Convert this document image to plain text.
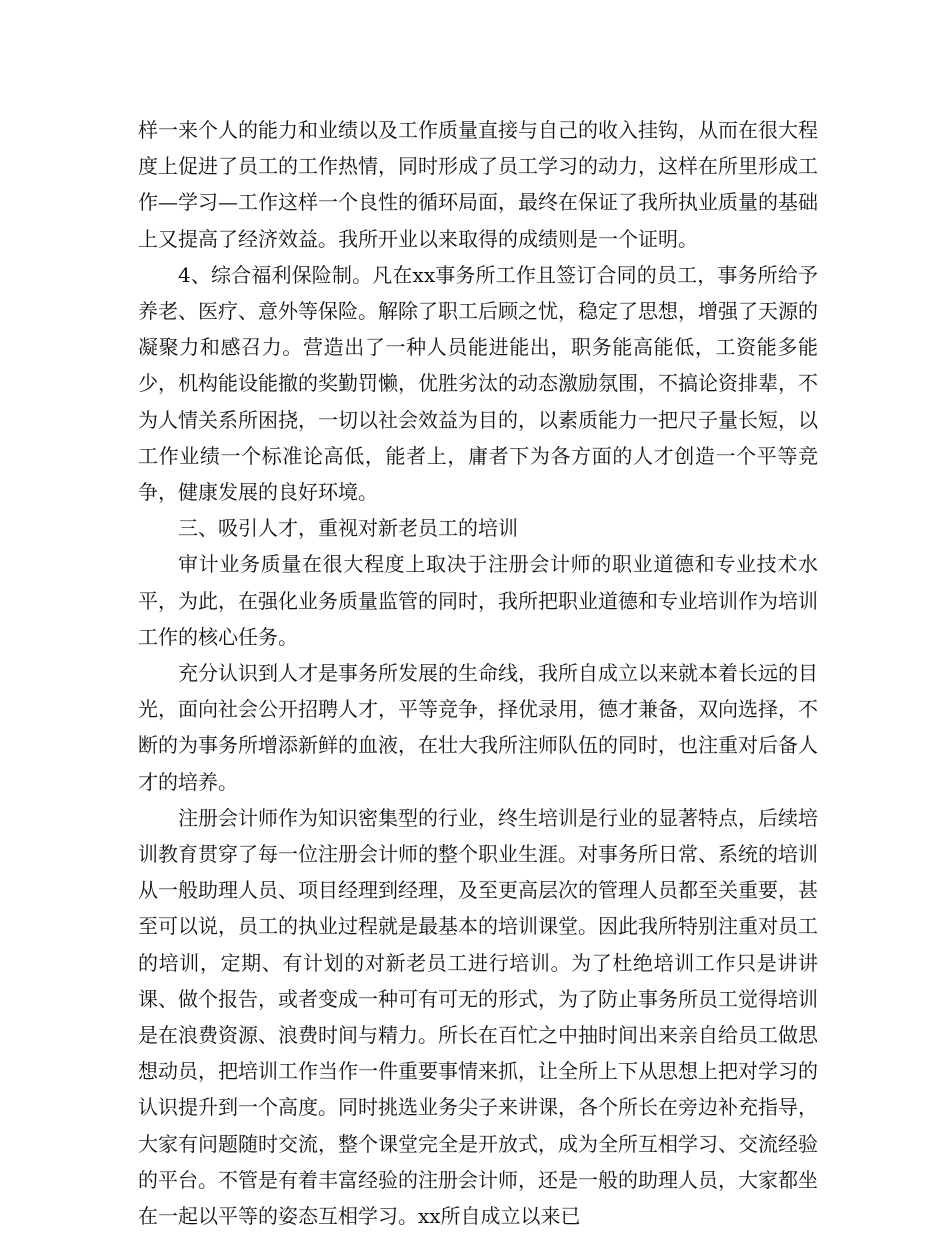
样一来个人的能力和业绩以及工作质量直接与自己的收入挂钩，从而在很大程度上促进了员工的工作热情，同时形成了员工学习的动力，这样在所里形成工作—学习—工作这样一个良性的循环局面，最终在保证了我所执业质量的基础上又提高了经济效益。我所开业以来取得的成绩则是一个证明。

4、综合福利保险制。凡在xx事务所工作且签订合同的员工，事务所给予养老、医疗、意外等保险。解除了职工后顾之忧，稳定了思想，增强了天源的凝聚力和感召力。营造出了一种人员能进能出，职务能高能低，工资能多能少，机构能设能撤的奖勤罚懒，优胜劣汰的动态激励氛围，不搞论资排辈，不为人情关系所困挠，一切以社会效益为目的，以素质能力一把尺子量长短，以工作业绩一个标准论高低，能者上，庸者下为各方面的人才创造一个平等竞争，健康发展的良好环境。

三、吸引人才，重视对新老员工的培训

审计业务质量在很大程度上取决于注册会计师的职业道德和专业技术水平，为此，在强化业务质量监管的同时，我所把职业道德和专业培训作为培训工作的核心任务。

充分认识到人才是事务所发展的生命线，我所自成立以来就本着长远的目光，面向社会公开招聘人才，平等竞争，择优录用，德才兼备，双向选择，不断的为事务所增添新鲜的血液，在壮大我所注师队伍的同时，也注重对后备人才的培养。

注册会计师作为知识密集型的行业，终生培训是行业的显著特点，后续培训教育贯穿了每一位注册会计师的整个职业生涯。对事务所日常、系统的培训从一般助理人员、项目经理到经理，及至更高层次的管理人员都至关重要，甚至可以说，员工的执业过程就是最基本的培训课堂。因此我所特别注重对员工的培训，定期、有计划的对新老员工进行培训。为了杜绝培训工作只是讲讲课、做个报告，或者变成一种可有可无的形式，为了防止事务所员工觉得培训是在浪费资源、浪费时间与精力。所长在百忙之中抽时间出来亲自给员工做思想动员，把培训工作当作一件重要事情来抓，让全所上下从思想上把对学习的认识提升到一个高度。同时挑选业务尖子来讲课，各个所长在旁边补充指导，大家有问题随时交流，整个课堂完全是开放式，成为全所互相学习、交流经验的平台。不管是有着丰富经验的注册会计师，还是一般的助理人员，大家都坐在一起以平等的姿态互相学习。xx所自成立以来已
